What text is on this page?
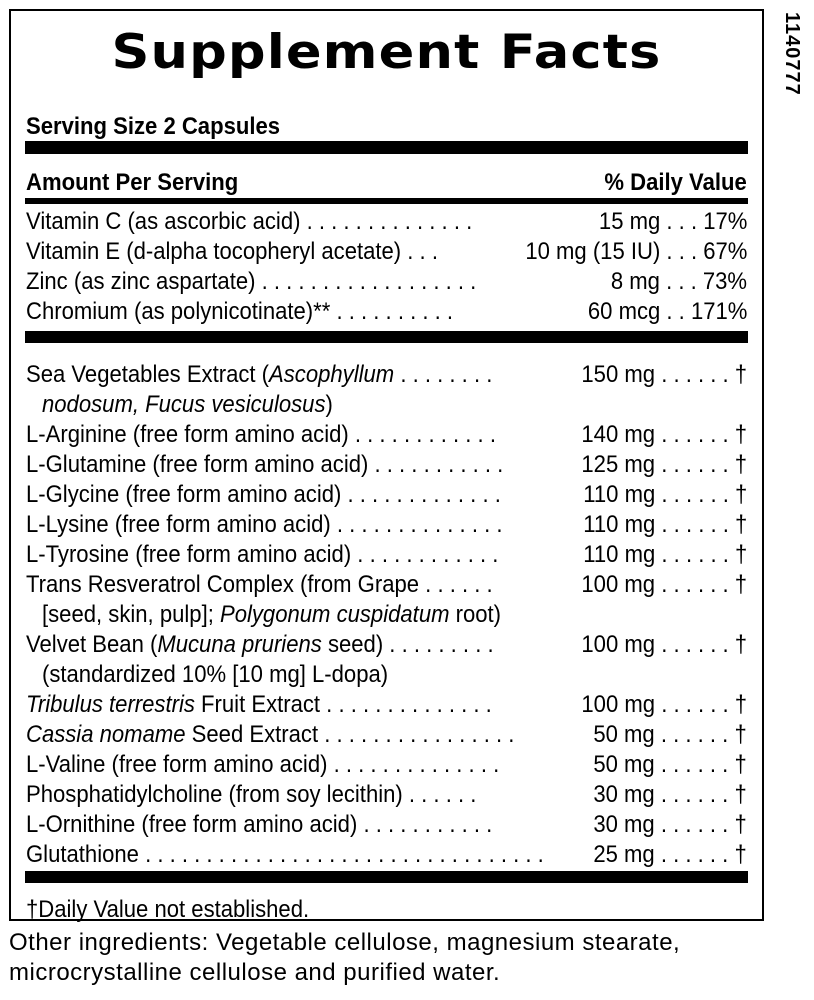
Supplement Facts
Serving Size 2 Capsules
Amount Per Serving	% Daily Value
Vitamin C (as ascorbic acid) . . . . . . . . . . . . . .	15 mg . . . 17%
Vitamin E (d-alpha tocopheryl acetate) . . .	10 mg (15 IU) . . . 67%
Zinc (as zinc aspartate) . . . . . . . . . . . . . . . . . .	8 mg . . . 73%
Chromium (as polynicotinate)** . . . . . . . . . .	60 mcg . . 171%
Sea Vegetables Extract (Ascophyllum . . . . . . . .	150 mg . . . . . . †
nodosum, Fucus vesiculosus)
L-Arginine (free form amino acid) . . . . . . . . . . . .	140 mg . . . . . . †
L-Glutamine (free form amino acid) . . . . . . . . . . .	125 mg . . . . . . †
L-Glycine (free form amino acid) . . . . . . . . . . . . .	110 mg . . . . . . †
L-Lysine (free form amino acid) . . . . . . . . . . . . . .	110 mg . . . . . . †
L-Tyrosine (free form amino acid) . . . . . . . . . . . .	110 mg . . . . . . †
Trans Resveratrol Complex (from Grape . . . . . .	100 mg . . . . . . †
[seed, skin, pulp]; Polygonum cuspidatum root)
Velvet Bean (Mucuna pruriens seed) . . . . . . . . .	100 mg . . . . . . †
(standardized 10% [10 mg] L-dopa)
Tribulus terrestris Fruit Extract . . . . . . . . . . . . . .	100 mg . . . . . . †
Cassia nomame Seed Extract . . . . . . . . . . . . . . . .	50 mg . . . . . . †
L-Valine (free form amino acid) . . . . . . . . . . . . . .	50 mg . . . . . . †
Phosphatidylcholine (from soy lecithin) . . . . . .	30 mg . . . . . . †
L-Ornithine (free form amino acid) . . . . . . . . . . .	30 mg . . . . . . †
Glutathione . . . . . . . . . . . . . . . . . . . . . . . . . . . . . . . . . 25 mg . . . . . . †
†Daily Value not established.
1140777
Other ingredients: Vegetable cellulose, magnesium stearate, microcrystalline cellulose and purified water.
